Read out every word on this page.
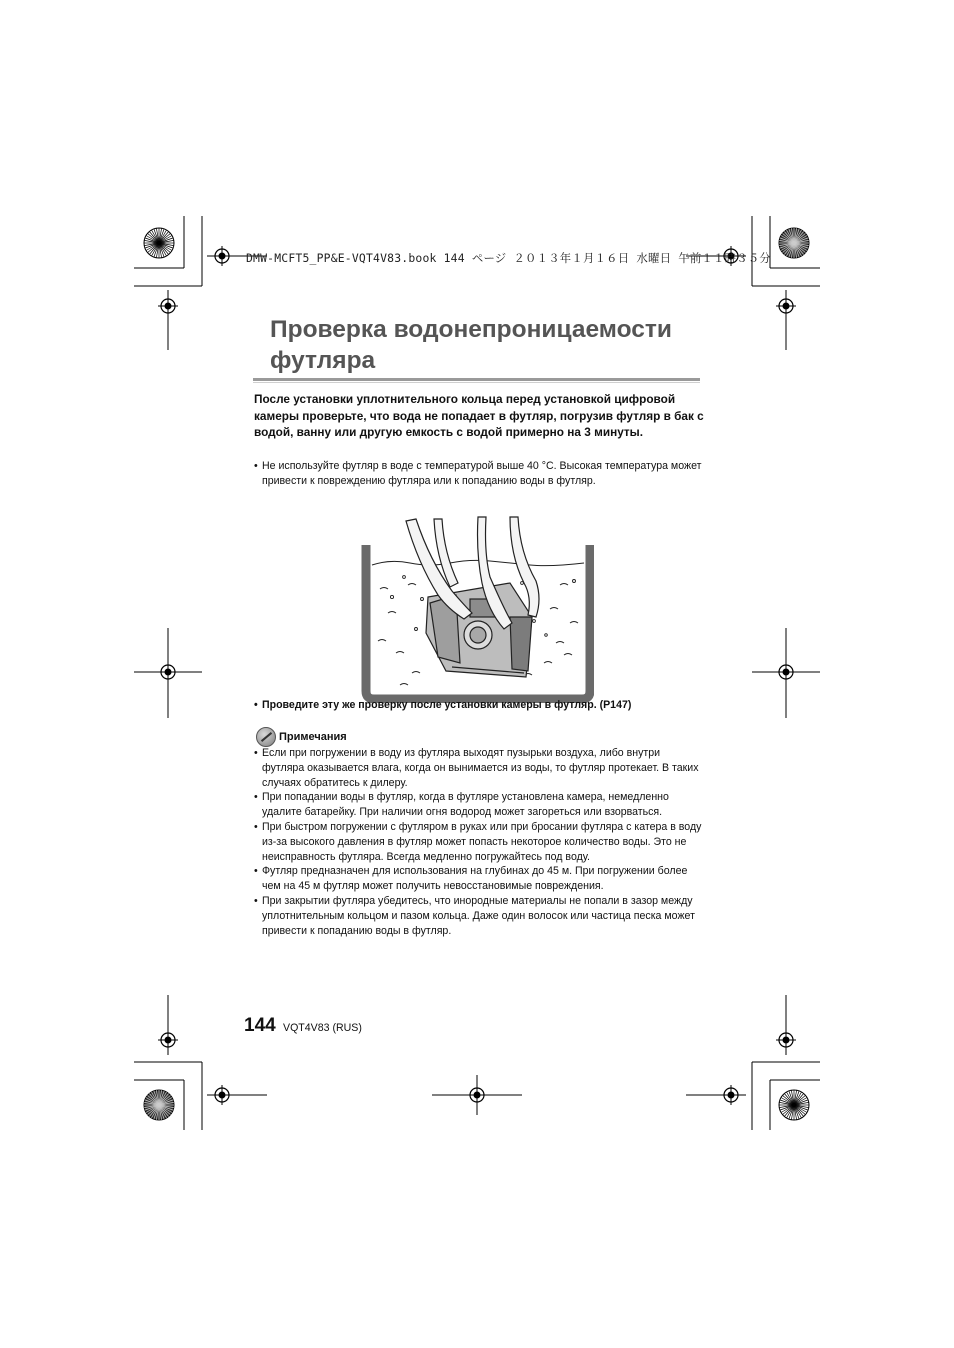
DMW-MCFT5_PP&E-VQT4V83.book 144 ページ ２０１３年１月１６日 水曜日 午前１１時３５分
Проверка водонепроницаемости
футляра
После установки уплотнительного кольца перед установкой цифровой камеры проверьте, что вода не попадает в футляр, погрузив футляр в бак с водой, ванну или другую емкость с водой примерно на 3 минуты.
• Не используйте футляр в воде с температурой выше 40 °C. Высокая температура может привести к повреждению футляра или к попаданию воды в футляр.
• Проведите эту же проверку после установки камеры в футляр. (P147)
Примечания
• Если при погружении в воду из футляра выходят пузырьки воздуха, либо внутри футляра оказывается влага, когда он вынимается из воды, то футляр протекает. В таких случаях обратитесь к дилеру.
• При попадании воды в футляр, когда в футляре установлена камера, немедленно удалите батарейку. При наличии огня водород может загореться или взорваться.
• При быстром погружении с футляром в руках или при бросании футляра с катера в воду из-за высокого давления в футляр может попасть некоторое количество воды. Это не неисправность футляра. Всегда медленно погружайтесь под воду.
• Футляр предназначен для использования на глубинах до 45 м. При погружении более чем на 45 м футляр может получить невосстановимые повреждения.
• При закрытии футляра убедитесь, что инородные материалы не попали в зазор между уплотнительным кольцом и пазом кольца. Даже один волосок или частица песка может привести к попаданию воды в футляр.
144 VQT4V83 (RUS)
